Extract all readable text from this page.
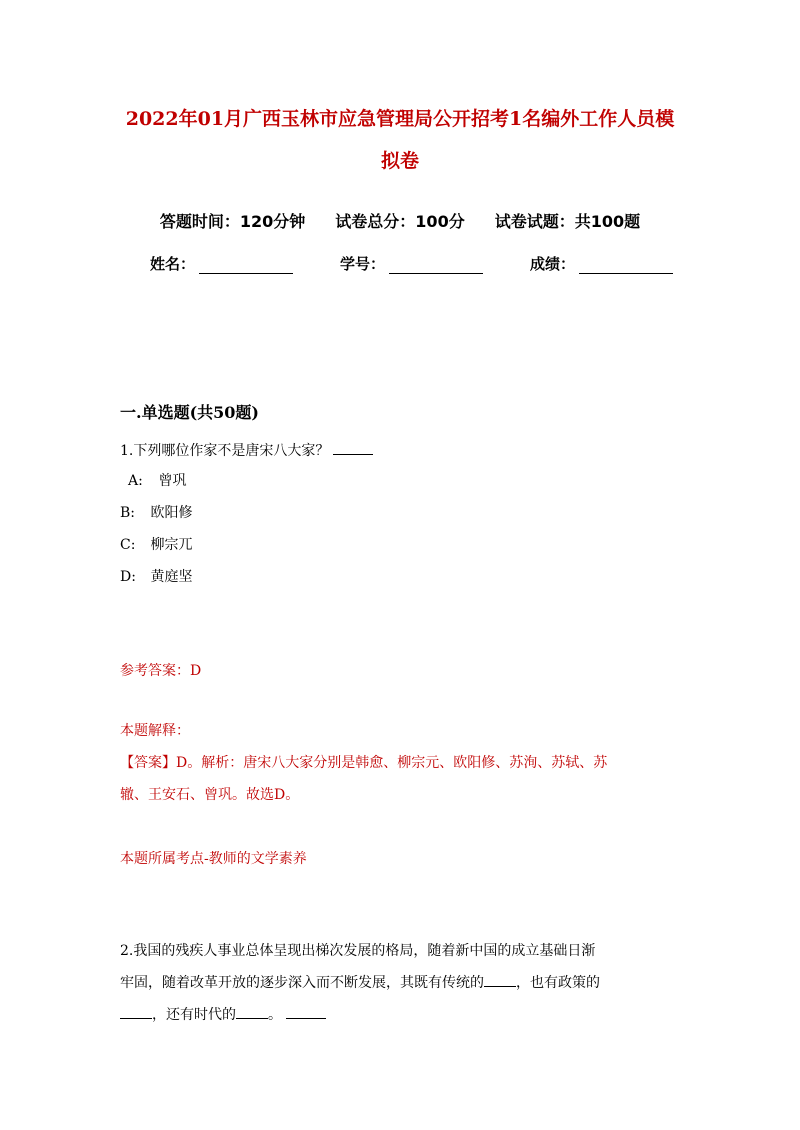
2022年01月广西玉林市应急管理局公开招考1名编外工作人员模
拟卷
答题时间： 120分钟 试卷总分： 100分 试卷试题： 共100题
姓名：	学号：	成绩：
一.单选题(共50题)
1.下列哪位作家不是唐宋八大家？
A: 曾巩
B: 欧阳修
C: 柳宗兀
D: 黄庭坚
参考答案：D
本题解释：
【答案】D。解析：唐宋八大家分别是韩愈、柳宗元、欧阳修、苏洵、苏轼、苏
辙、王安石、曾巩。故选D。
本题所属考点-教师的文学素养
2.我国的残疾人事业总体呈现出梯次发展的格局，随着新中国的成立基础日渐
牢固，随着改革开放的逐步深入而不断发展，其既有传统的 ，也有政策的
，还有时代的 。
